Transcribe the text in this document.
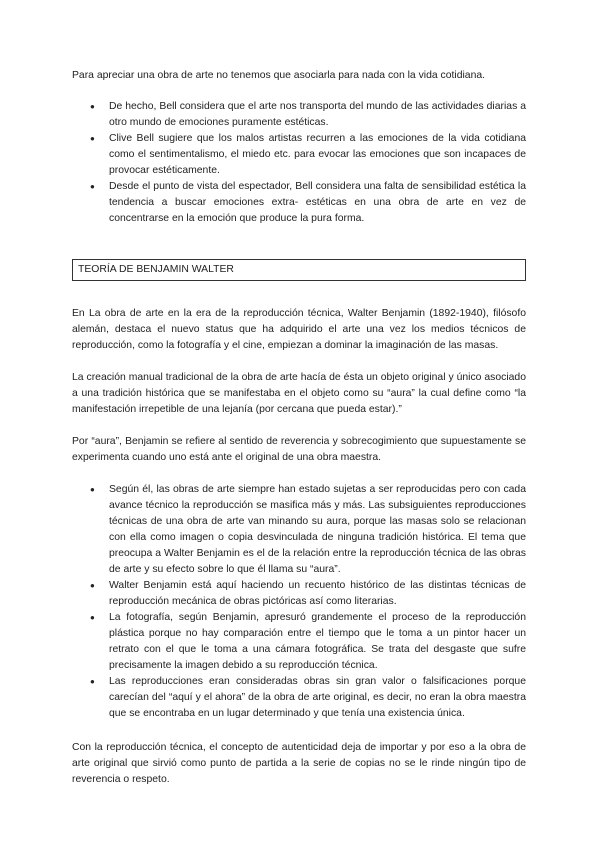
Para apreciar una obra de arte no tenemos que asociarla para nada con la vida cotidiana.

● De hecho, Bell considera que el arte nos transporta del mundo de las actividades diarias a otro mundo de emociones puramente estéticas.
● Clive Bell sugiere que los malos artistas recurren a las emociones de la vida cotidiana como el sentimentalismo, el miedo etc. para evocar las emociones que son incapaces de provocar estéticamente.
● Desde el punto de vista del espectador, Bell considera una falta de sensibilidad estética la tendencia a buscar emociones extra- estéticas en una obra de arte en vez de concentrarse en la emoción que produce la pura forma.
TEORÍA DE BENJAMIN WALTER

En La obra de arte en la era de la reproducción técnica, Walter Benjamin (1892-1940), filósofo alemán, destaca el nuevo status que ha adquirido el arte una vez los medios técnicos de reproducción, como la fotografía y el cine, empiezan a dominar la imaginación de las masas.

La creación manual tradicional de la obra de arte hacía de ésta un objeto original y único asociado a una tradición histórica que se manifestaba en el objeto como su “aura” la cual define como “la manifestación irrepetible de una lejanía (por cercana que pueda estar).”

Por “aura”, Benjamin se refiere al sentido de reverencia y sobrecogimiento que supuestamente se experimenta cuando uno está ante el original de una obra maestra.

● Según él, las obras de arte siempre han estado sujetas a ser reproducidas pero con cada avance técnico la reproducción se masifica más y más. Las subsiguientes reproducciones técnicas de una obra de arte van minando su aura, porque las masas solo se relacionan con ella como imagen o copia desvinculada de ninguna tradición histórica. El tema que preocupa a Walter Benjamin es el de la relación entre la reproducción técnica de las obras de arte y su efecto sobre lo que él llama su “aura”.
● Walter Benjamin está aquí haciendo un recuento histórico de las distintas técnicas de reproducción mecánica de obras pictóricas así como literarias.
● La fotografía, según Benjamin, apresuró grandemente el proceso de la reproducción plástica porque no hay comparación entre el tiempo que le toma a un pintor hacer un retrato con el que le toma a una cámara fotográfica. Se trata del desgaste que sufre precisamente la imagen debido a su reproducción técnica.
● Las reproducciones eran consideradas obras sin gran valor o falsificaciones porque carecían del “aquí y el ahora” de la obra de arte original, es decir, no eran la obra maestra que se encontraba en un lugar determinado y que tenía una existencia única.

Con la reproducción técnica, el concepto de autenticidad deja de importar y por eso a la obra de arte original que sirvió como punto de partida a la serie de copias no se le rinde ningún tipo de reverencia o respeto.
